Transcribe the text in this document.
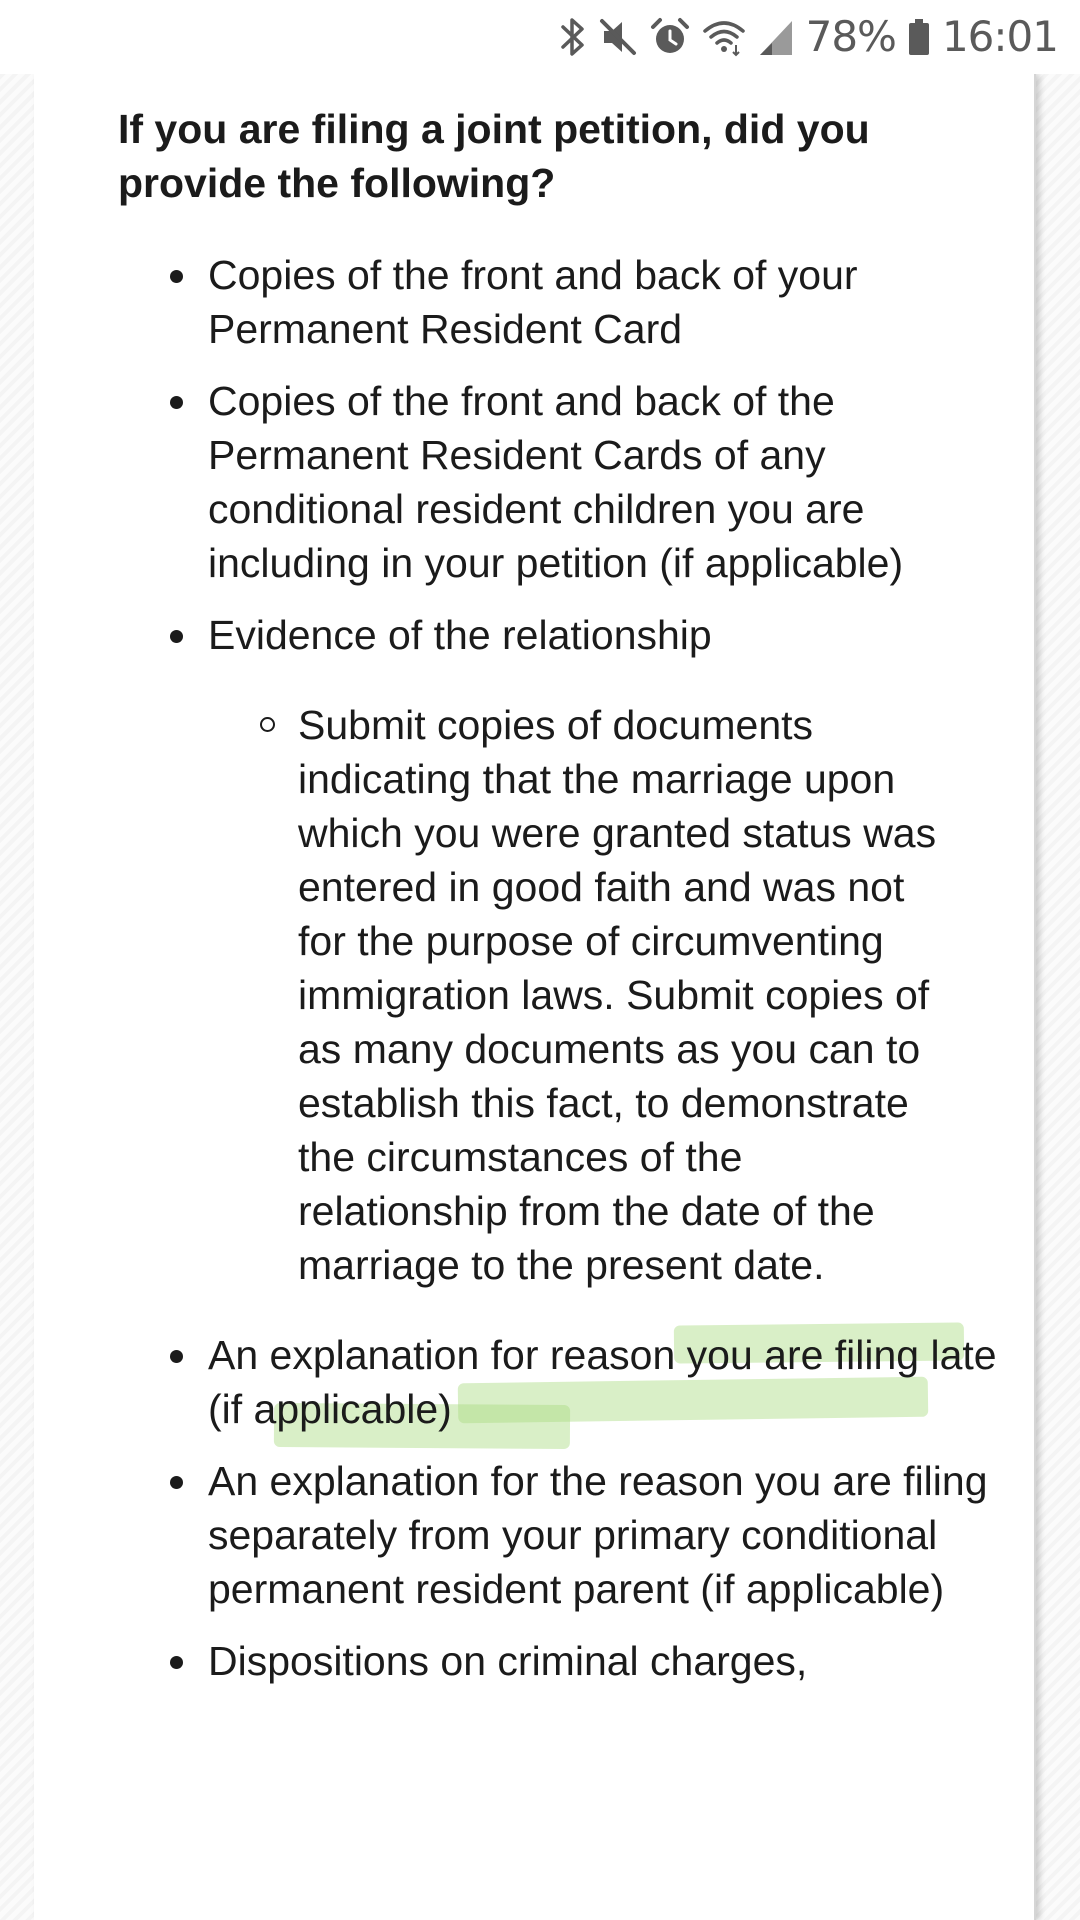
78% 16:01
If you are filing a joint petition, did you provide the following?
Copies of the front and back of your Permanent Resident Card
Copies of the front and back of the Permanent Resident Cards of any conditional resident children you are including in your petition (if applicable)
Evidence of the relationship
Submit copies of documents indicating that the marriage upon which you were granted status was entered in good faith and was not for the purpose of circumventing immigration laws. Submit copies of as many documents as you can to establish this fact, to demonstrate the circumstances of the relationship from the date of the marriage to the present date.
An explanation for reason you are filing late (if applicable)
An explanation for the reason you are filing separately from your primary conditional permanent resident parent (if applicable)
Dispositions on criminal charges,
